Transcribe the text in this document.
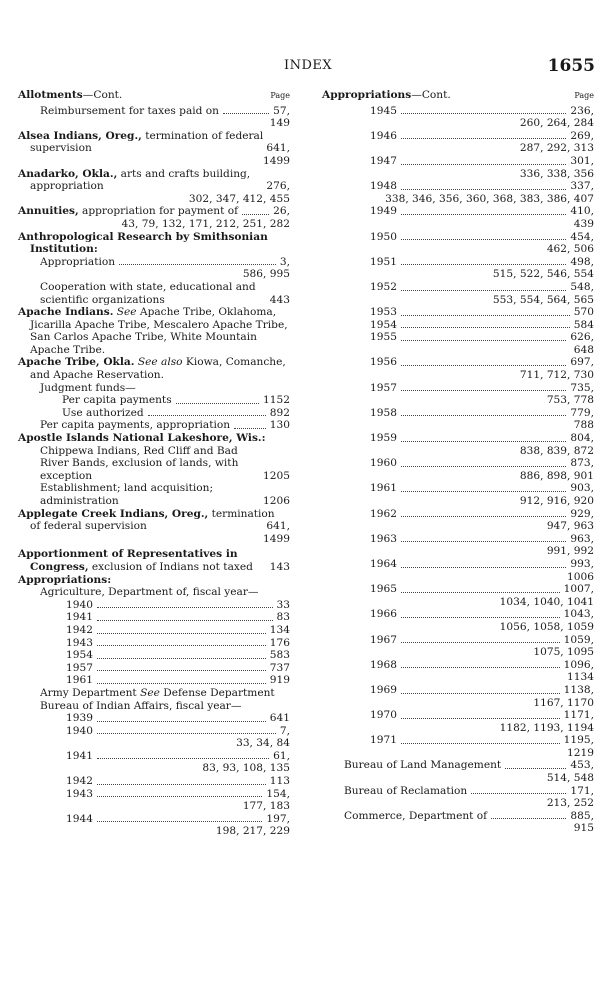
INDEX	1655
Allotments—Cont.	Page
Reimbursement for taxes paid on	57,
149
Alsea Indians, Oreg., termination of federal supervision	641,
1499
Anadarko, Okla., arts and crafts building, appropriation	276,
302, 347, 412, 455
Annuities, appropriation for payment of	26,
43, 79, 132, 171, 212, 251, 282
Anthropological Research by Smithsonian Institution:
Appropriation	3,
586, 995
Cooperation with state, educational and scientific organizations	443
Apache Indians. See Apache Tribe, Oklahoma, Jicarilla Apache Tribe, Mescalero Apache Tribe, San Carlos Apache Tribe, White Mountain Apache Tribe.
Apache Tribe, Okla. See also Kiowa, Comanche, and Apache Reservation.
Judgment funds—
Per capita payments	1152
Use authorized	892
Per capita payments, appropriation	130
Apostle Islands National Lakeshore, Wis.:
Chippewa Indians, Red Cliff and Bad River Bands, exclusion of lands, with exception	1205
Establishment; land acquisition; administration	1206
Applegate Creek Indians, Oreg., termination of federal supervision	641,
1499
Apportionment of Representatives in Congress, exclusion of Indians not taxed	143
Appropriations:
Agriculture, Department of, fiscal year—
1940	33
1941	83
1942	134
1943	176
1954	583
1957	737
1961	919
Army Department See Defense Department
Bureau of Indian Affairs, fiscal year—
1939	641
1940	7,
33, 34, 84
1941	61,
83, 93, 108, 135
1942	113
1943	154,
177, 183
1944	197,
198, 217, 229
Appropriations—Cont.	Page
1945	236,
260, 264, 284
1946	269,
287, 292, 313
1947	301,
336, 338, 356
1948	337,
338, 346, 356, 360, 368, 383, 386, 407
1949	410,
439
1950	454,
462, 506
1951	498,
515, 522, 546, 554
1952	548,
553, 554, 564, 565
1953	570
1954	584
1955	626,
648
1956	697,
711, 712, 730
1957	735,
753, 778
1958	779,
788
1959	804,
838, 839, 872
1960	873,
886, 898, 901
1961	903,
912, 916, 920
1962	929,
947, 963
1963	963,
991, 992
1964	993,
1006
1965	1007,
1034, 1040, 1041
1966	1043,
1056, 1058, 1059
1967	1059,
1075, 1095
1968	1096,
1134
1969	1138,
1167, 1170
1970	1171,
1182, 1193, 1194
1971	1195,
1219
Bureau of Land Management	453,
514, 548
Bureau of Reclamation	171,
213, 252
Commerce, Department of	885,
915
